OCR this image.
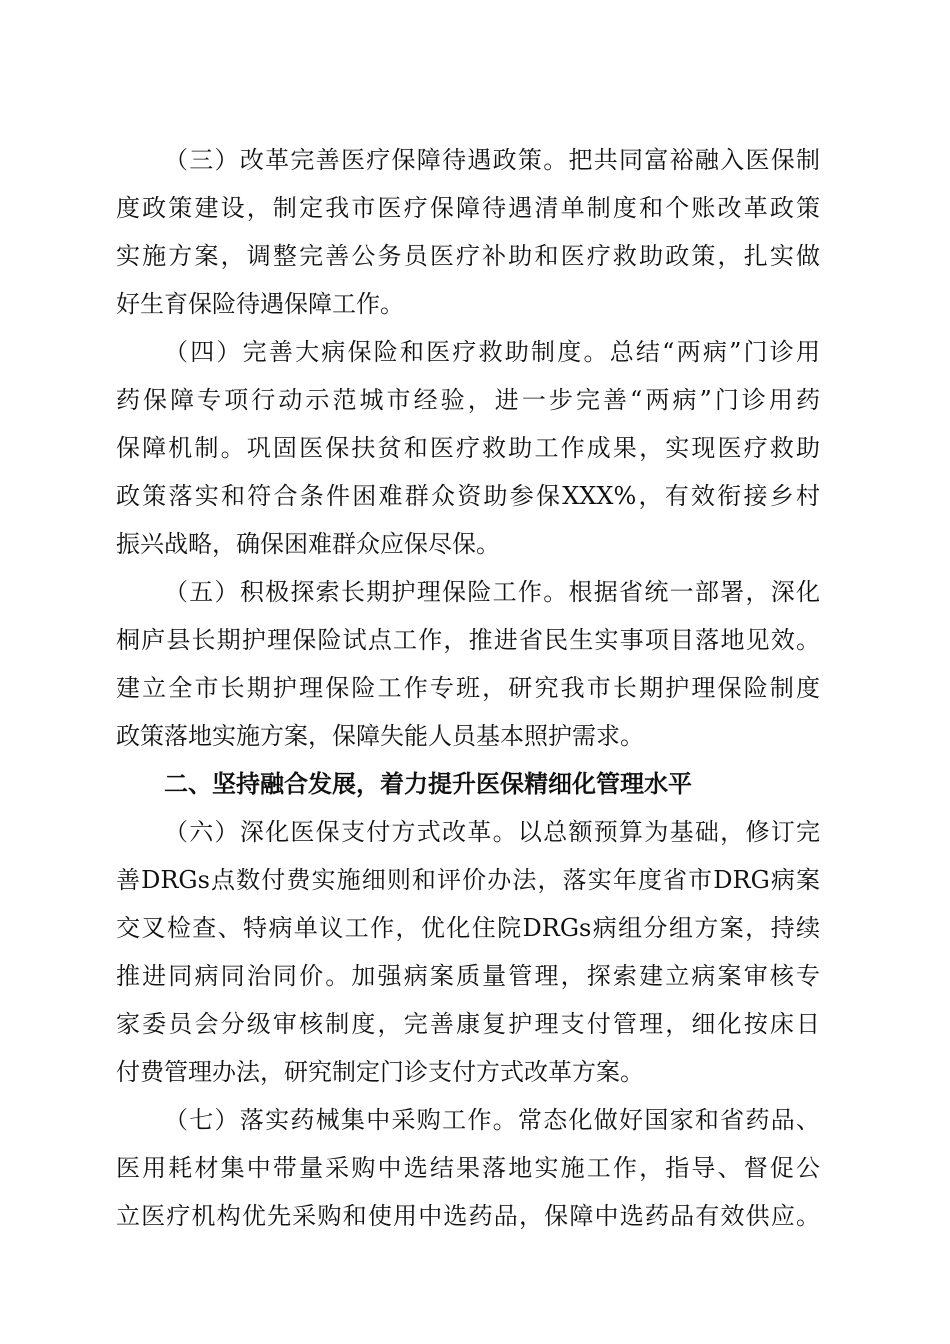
（三）改革完善医疗保障待遇政策。把共同富裕融入医保制

度政策建设，制定我市医疗保障待遇清单制度和个账改革政策

实施方案，调整完善公务员医疗补助和医疗救助政策，扎实做

好生育保险待遇保障工作。

（四）完善大病保险和医疗救助制度。总结“两病”门诊用

药保障专项行动示范城市经验，进一步完善“两病”门诊用药

保障机制。巩固医保扶贫和医疗救助工作成果，实现医疗救助

政策落实和符合条件困难群众资助参保XXX%，有效衔接乡村

振兴战略，确保困难群众应保尽保。

（五）积极探索长期护理保险工作。根据省统一部署，深化

桐庐县长期护理保险试点工作，推进省民生实事项目落地见效。

建立全市长期护理保险工作专班，研究我市长期护理保险制度

政策落地实施方案，保障失能人员基本照护需求。

二、坚持融合发展，着力提升医保精细化管理水平

（六）深化医保支付方式改革。以总额预算为基础，修订完

善DRGs点数付费实施细则和评价办法，落实年度省市DRG病案

交叉检查、特病单议工作，优化住院DRGs病组分组方案，持续

推进同病同治同价。加强病案质量管理，探索建立病案审核专

家委员会分级审核制度，完善康复护理支付管理，细化按床日

付费管理办法，研究制定门诊支付方式改革方案。

（七）落实药械集中采购工作。常态化做好国家和省药品、

医用耗材集中带量采购中选结果落地实施工作，指导、督促公

立医疗机构优先采购和使用中选药品，保障中选药品有效供应。
